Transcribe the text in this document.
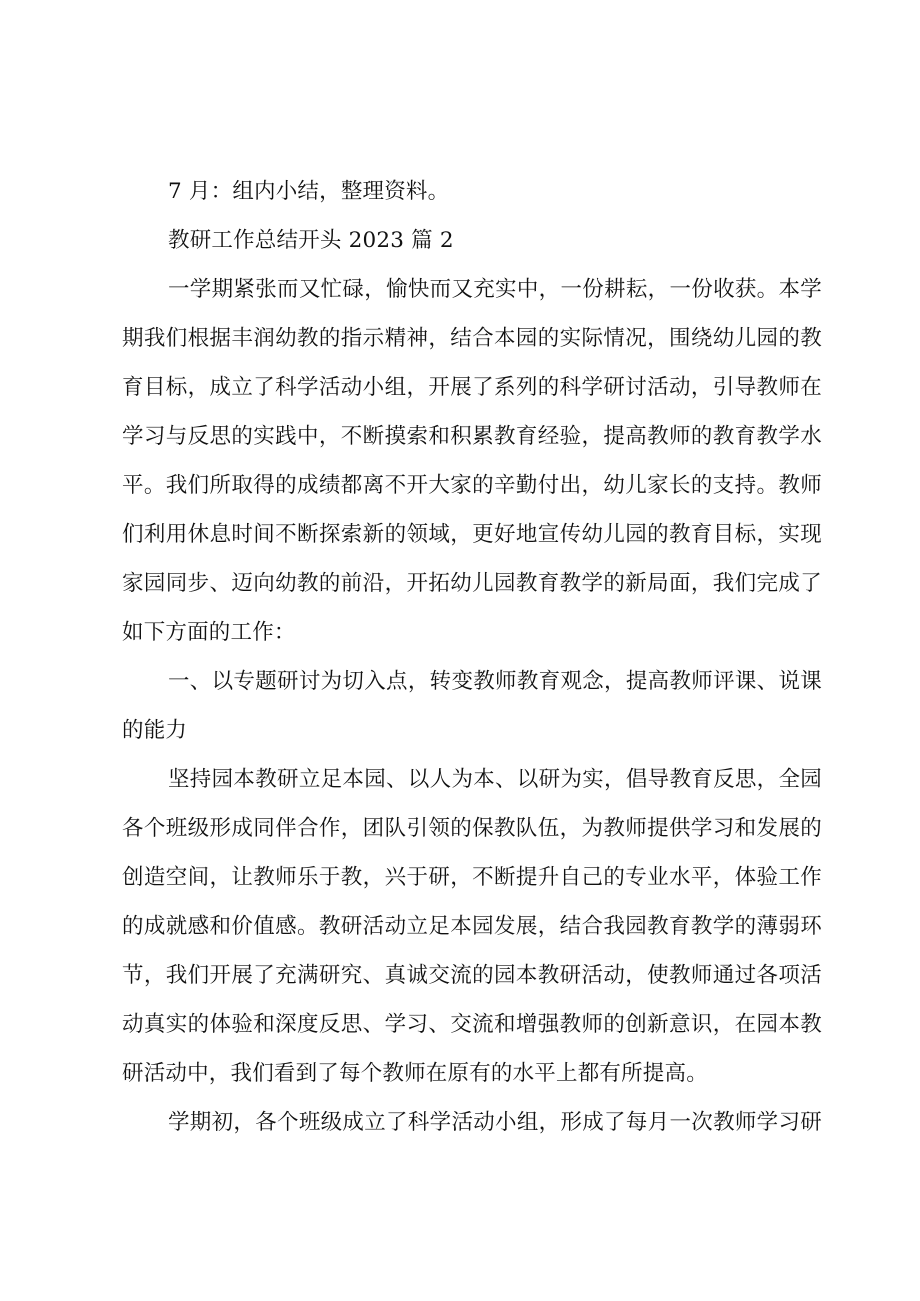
7 月：组内小结，整理资料。
教研工作总结开头 2023 篇 2
一学期紧张而又忙碌，愉快而又充实中，一份耕耘，一份收获。本学
期我们根据丰润幼教的指示精神，结合本园的实际情况，围绕幼儿园的教
育目标，成立了科学活动小组，开展了系列的科学研讨活动，引导教师在
学习与反思的实践中，不断摸索和积累教育经验，提高教师的教育教学水
平。我们所取得的成绩都离不开大家的辛勤付出，幼儿家长的支持。教师
们利用休息时间不断探索新的领域，更好地宣传幼儿园的教育目标，实现
家园同步、迈向幼教的前沿，开拓幼儿园教育教学的新局面，我们完成了
如下方面的工作：
一、以专题研讨为切入点，转变教师教育观念，提高教师评课、说课
的能力
坚持园本教研立足本园、以人为本、以研为实，倡导教育反思，全园
各个班级形成同伴合作，团队引领的保教队伍，为教师提供学习和发展的
创造空间，让教师乐于教，兴于研，不断提升自己的专业水平，体验工作
的成就感和价值感。教研活动立足本园发展，结合我园教育教学的薄弱环
节，我们开展了充满研究、真诚交流的园本教研活动，使教师通过各项活
动真实的体验和深度反思、学习、交流和增强教师的创新意识，在园本教
研活动中，我们看到了每个教师在原有的水平上都有所提高。
学期初，各个班级成立了科学活动小组，形成了每月一次教师学习研
